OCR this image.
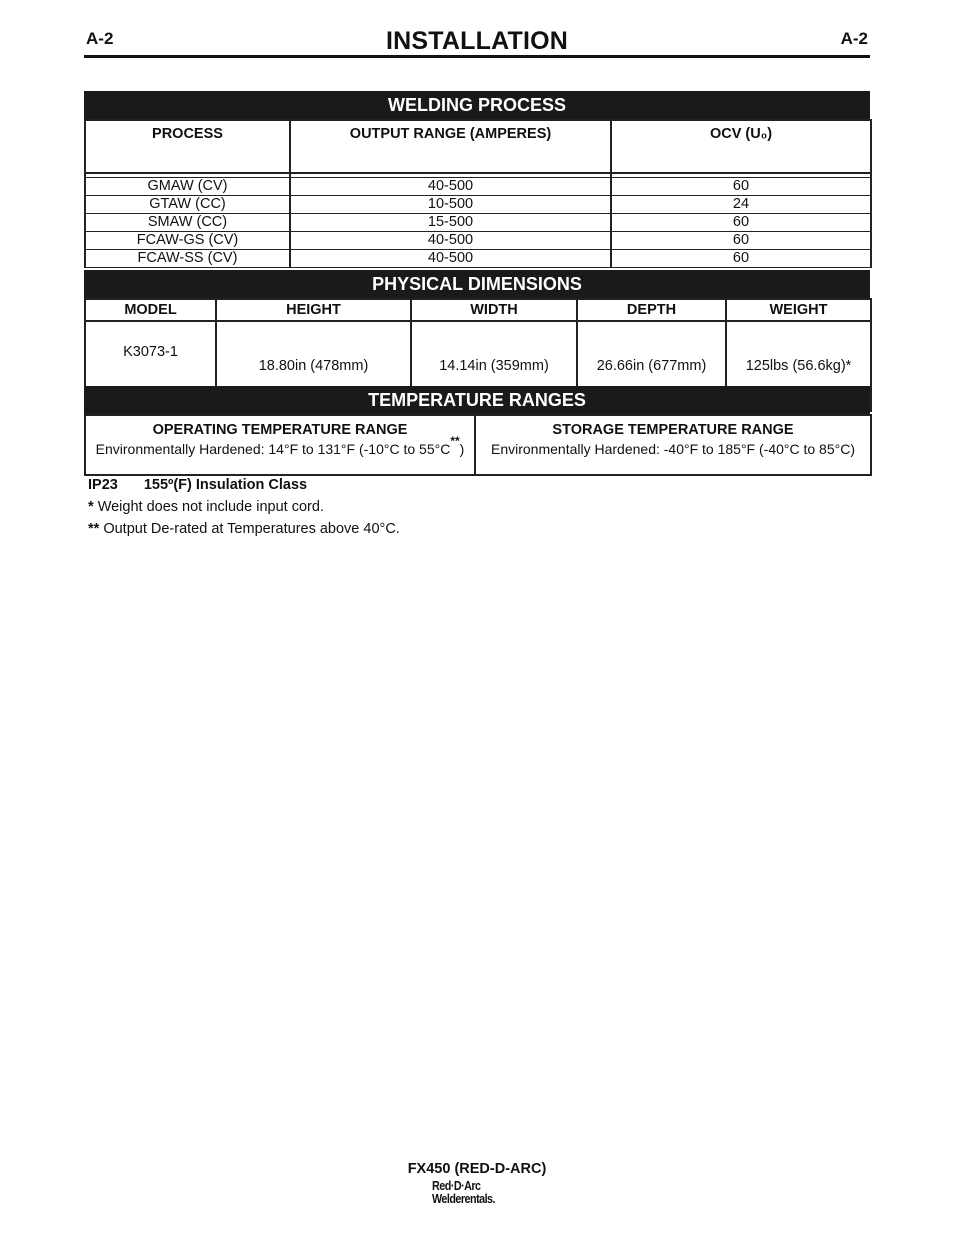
A-2	INSTALLATION	A-2
WELDING PROCESS
PROCESS	OUTPUT RANGE (AMPERES)	OCV (U₀)

GMAW (CV)	40-500	60
GTAW (CC)	10-500	24
SMAW (CC)	15-500	60
FCAW-GS (CV)	40-500	60
FCAW-SS (CV)	40-500	60
PHYSICAL DIMENSIONS
MODEL	HEIGHT	WIDTH	DEPTH	WEIGHT
K3073-1	18.80in (478mm)	14.14in (359mm)	26.66in (677mm)	125lbs (56.6kg)*
TEMPERATURE RANGES
OPERATING TEMPERATURE RANGE
Environmentally Hardened: 14°F to 131°F (-10°C to 55°C**)

STORAGE TEMPERATURE RANGE
Environmentally Hardened: -40°F to 185°F (-40°C to 85°C)
IP23 155º(F) Insulation Class
* Weight does not include input cord.
** Output De-rated at Temperatures above 40°C.
FX450 (RED-D-ARC)
Red·D·Arc
Welderentals.
